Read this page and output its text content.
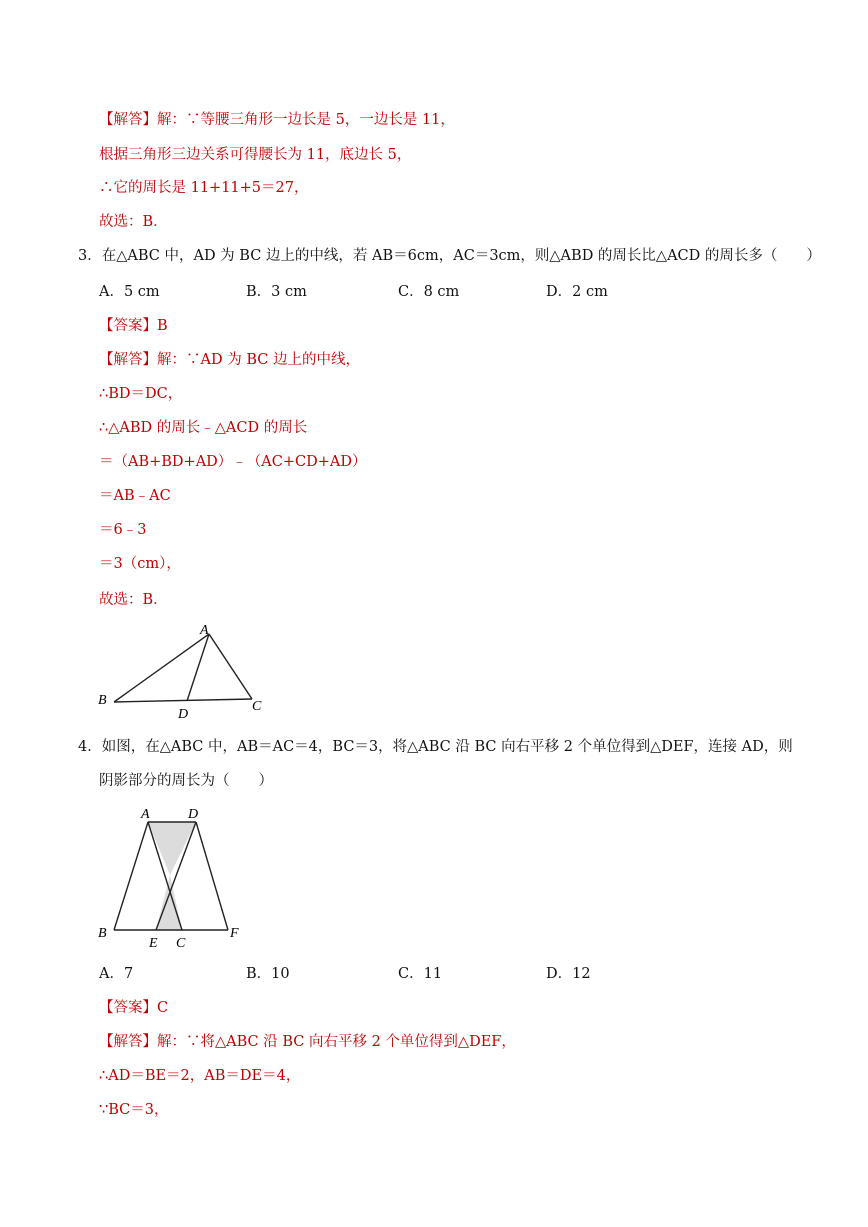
【解答】解：∵等腰三角形一边长是 5，一边长是 11，
根据三角形三边关系可得腰长为 11，底边长 5，
∴它的周长是 11+11+5＝27，
故选：B．
3．在△ABC 中，AD 为 BC 边上的中线，若 AB＝6cm，AC＝3cm，则△ABD 的周长比△ACD 的周长多（　　）
A．5 cm	B．3 cm	C．8 cm	D．2 cm
【答案】B
【解答】解：∵AD 为 BC 边上的中线，
∴BD＝DC，
∴△ABD 的周长﹣△ACD 的周长
＝（AB+BD+AD）﹣（AC+CD+AD）
＝AB﹣AC
＝6﹣3
＝3（cm），
故选：B．
A
B
D
C
4．如图，在△ABC 中，AB＝AC＝4，BC＝3，将△ABC 沿 BC 向右平移 2 个单位得到△DEF，连接 AD，则
阴影部分的周长为（　　）
A	D
B
E C
F
A．7	B．10	C．11	D．12
【答案】C
【解答】解：∵将△ABC 沿 BC 向右平移 2 个单位得到△DEF，
∴AD＝BE＝2，AB＝DE＝4，
∵BC＝3，
